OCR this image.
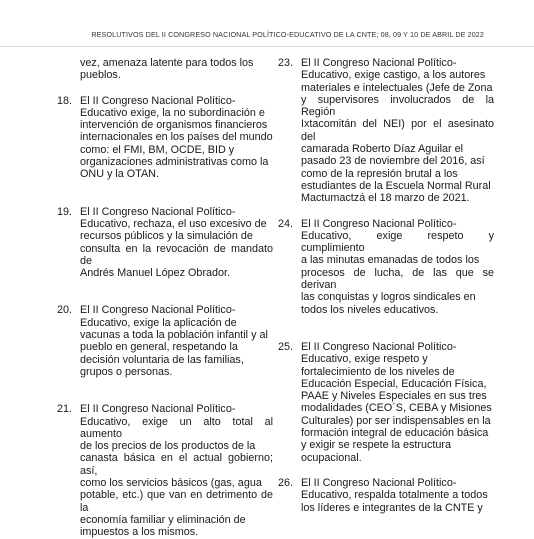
RESOLUTIVOS DEL II CONGRESO NACIONAL POLÍTICO-EDUCATIVO DE LA CNTE; 08, 09 Y 10 DE ABRIL DE 2022
vez, amenaza latente para todos los
pueblos.
18. El II Congreso Nacional Político-
Educativo exige, la no subordinación e
intervención de organismos financieros
internacionales en los países del mundo
como: el FMI, BM, OCDE, BID y
organizaciones administrativas como la
ONU y la OTAN.
19. El II Congreso Nacional Político-
Educativo, rechaza, el uso excesivo de
recursos públicos y la simulación de
consulta en la revocación de mandato de
Andrés Manuel López Obrador.
20. El II Congreso Nacional Político-
Educativo, exige la aplicación de
vacunas a toda la población infantil y al
pueblo en general, respetando la
decisión voluntaria de las familias,
grupos o personas.
21. El II Congreso Nacional Político-
Educativo, exige un alto total al aumento
de los precios de los productos de la
canasta básica en el actual gobierno; así,
como los servicios básicos (gas, agua
potable, etc.) que van en detrimento de la
economía familiar y eliminación de
impuestos a los mismos.
23. El II Congreso Nacional Político-
Educativo, exige castigo, a los autores
materiales e intelectuales (Jefe de Zona
y supervisores involucrados de la Región
Ixtacomitán del NEI) por el asesinato del
camarada Roberto Díaz Aguilar el
pasado 23 de noviembre del 2016, así
como de la represión brutal a los
estudiantes de la Escuela Normal Rural
Mactumactzá el 18 marzo de 2021.
24. El II Congreso Nacional Político-
Educativo, exige respeto y cumplimiento
a las minutas emanadas de todos los
procesos de lucha, de las que se derivan
las conquistas y logros sindicales en
todos los niveles educativos.
25. El II Congreso Nacional Político-
Educativo, exige respeto y
fortalecimiento de los niveles de
Educación Especial, Educación Física,
PAAE y Niveles Especiales en sus tres
modalidades (CEO´S, CEBA y Misiones
Culturales) por ser indispensables en la
formación integral de educación básica
y exigir se respete la estructura
ocupacional.
26. El II Congreso Nacional Político-
Educativo, respalda totalmente a todos
los líderes e integrantes de la CNTE y
